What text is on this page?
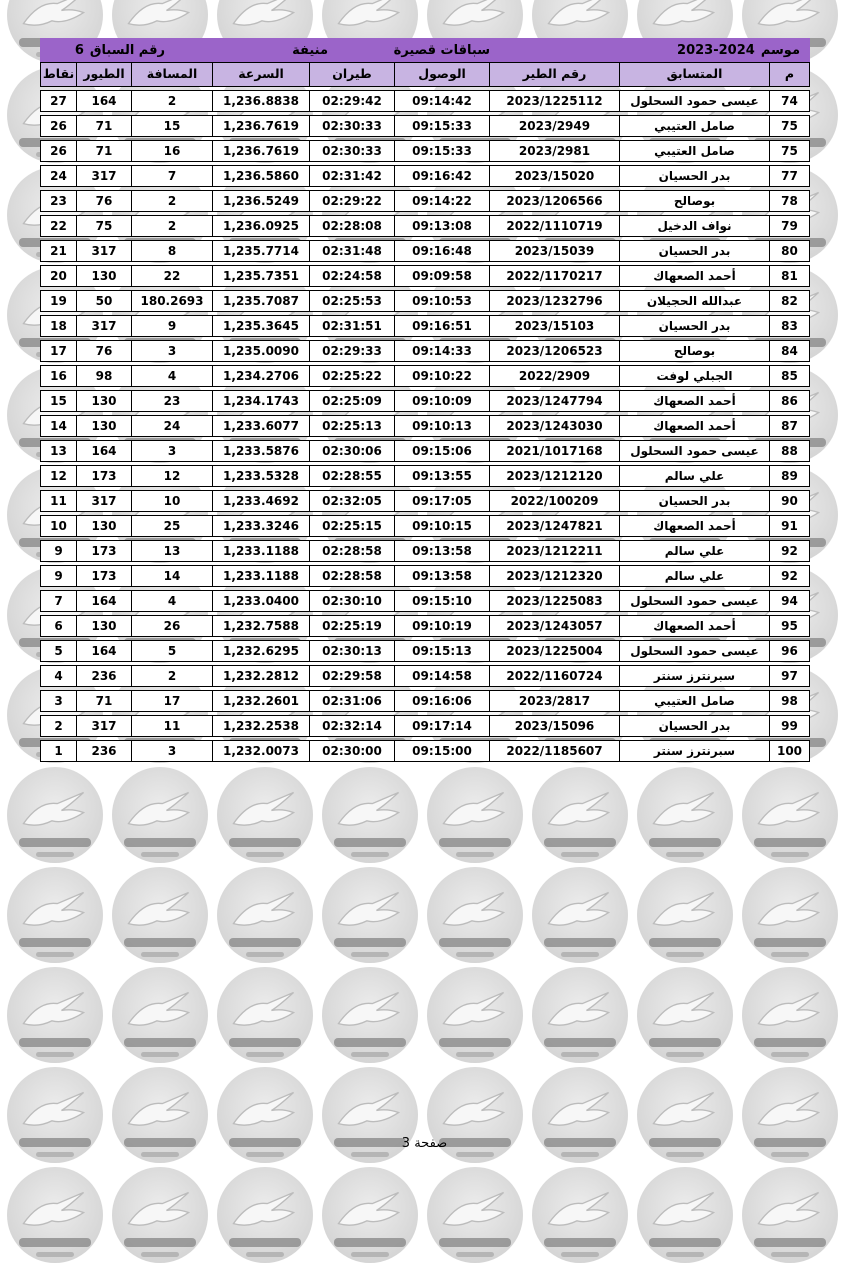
موسم
2023-2024
سباقات قصيرة
منيفة
رقم السباق
6
م
المتسابق
رقم الطير
الوصول
طيران
السرعة
المسافة
الطيور
نقاط
74
عيسى حمود السحلول
2023/1225112
09:14:42
02:29:42
1,236.8838
2
164
27
75
صامل العتيبي
2023/2949
09:15:33
02:30:33
1,236.7619
15
71
26
75
صامل العتيبي
2023/2981
09:15:33
02:30:33
1,236.7619
16
71
26
77
بدر الحسيان
2023/15020
09:16:42
02:31:42
1,236.5860
7
317
24
78
بوصالح
2023/1206566
09:14:22
02:29:22
1,236.5249
2
76
23
79
نواف الدخيل
2022/1110719
09:13:08
02:28:08
1,236.0925
2
75
22
80
بدر الحسيان
2023/15039
09:16:48
02:31:48
1,235.7714
8
317
21
81
أحمد الصعهاك
2022/1170217
09:09:58
02:24:58
1,235.7351
22
130
20
82
عبدالله الحجيلان
2023/1232796
09:10:53
02:25:53
1,235.7087
180.2693
50
19
83
بدر الحسيان
2023/15103
09:16:51
02:31:51
1,235.3645
9
317
18
84
بوصالح
2023/1206523
09:14:33
02:29:33
1,235.0090
3
76
17
85
الجبلي لوفت
2022/2909
09:10:22
02:25:22
1,234.2706
4
98
16
86
أحمد الصعهاك
2023/1247794
09:10:09
02:25:09
1,234.1743
23
130
15
87
أحمد الصعهاك
2023/1243030
09:10:13
02:25:13
1,233.6077
24
130
14
88
عيسى حمود السحلول
2021/1017168
09:15:06
02:30:06
1,233.5876
3
164
13
89
علي سالم
2023/1212120
09:13:55
02:28:55
1,233.5328
12
173
12
90
بدر الحسيان
2022/100209
09:17:05
02:32:05
1,233.4692
10
317
11
91
أحمد الصعهاك
2023/1247821
09:10:15
02:25:15
1,233.3246
25
130
10
92
علي سالم
2023/1212211
09:13:58
02:28:58
1,233.1188
13
173
9
92
علي سالم
2023/1212320
09:13:58
02:28:58
1,233.1188
14
173
9
94
عيسى حمود السحلول
2023/1225083
09:15:10
02:30:10
1,233.0400
4
164
7
95
أحمد الصعهاك
2023/1243057
09:10:19
02:25:19
1,232.7588
26
130
6
96
عيسى حمود السحلول
2023/1225004
09:15:13
02:30:13
1,232.6295
5
164
5
97
سبرنترز سنتر
2022/1160724
09:14:58
02:29:58
1,232.2812
2
236
4
98
صامل العتيبي
2023/2817
09:16:06
02:31:06
1,232.2601
17
71
3
99
بدر الحسيان
2023/15096
09:17:14
02:32:14
1,232.2538
11
317
2
100
سبرنترز سنتر
2022/1185607
09:15:00
02:30:00
1,232.0073
3
236
1
صفحة 3
